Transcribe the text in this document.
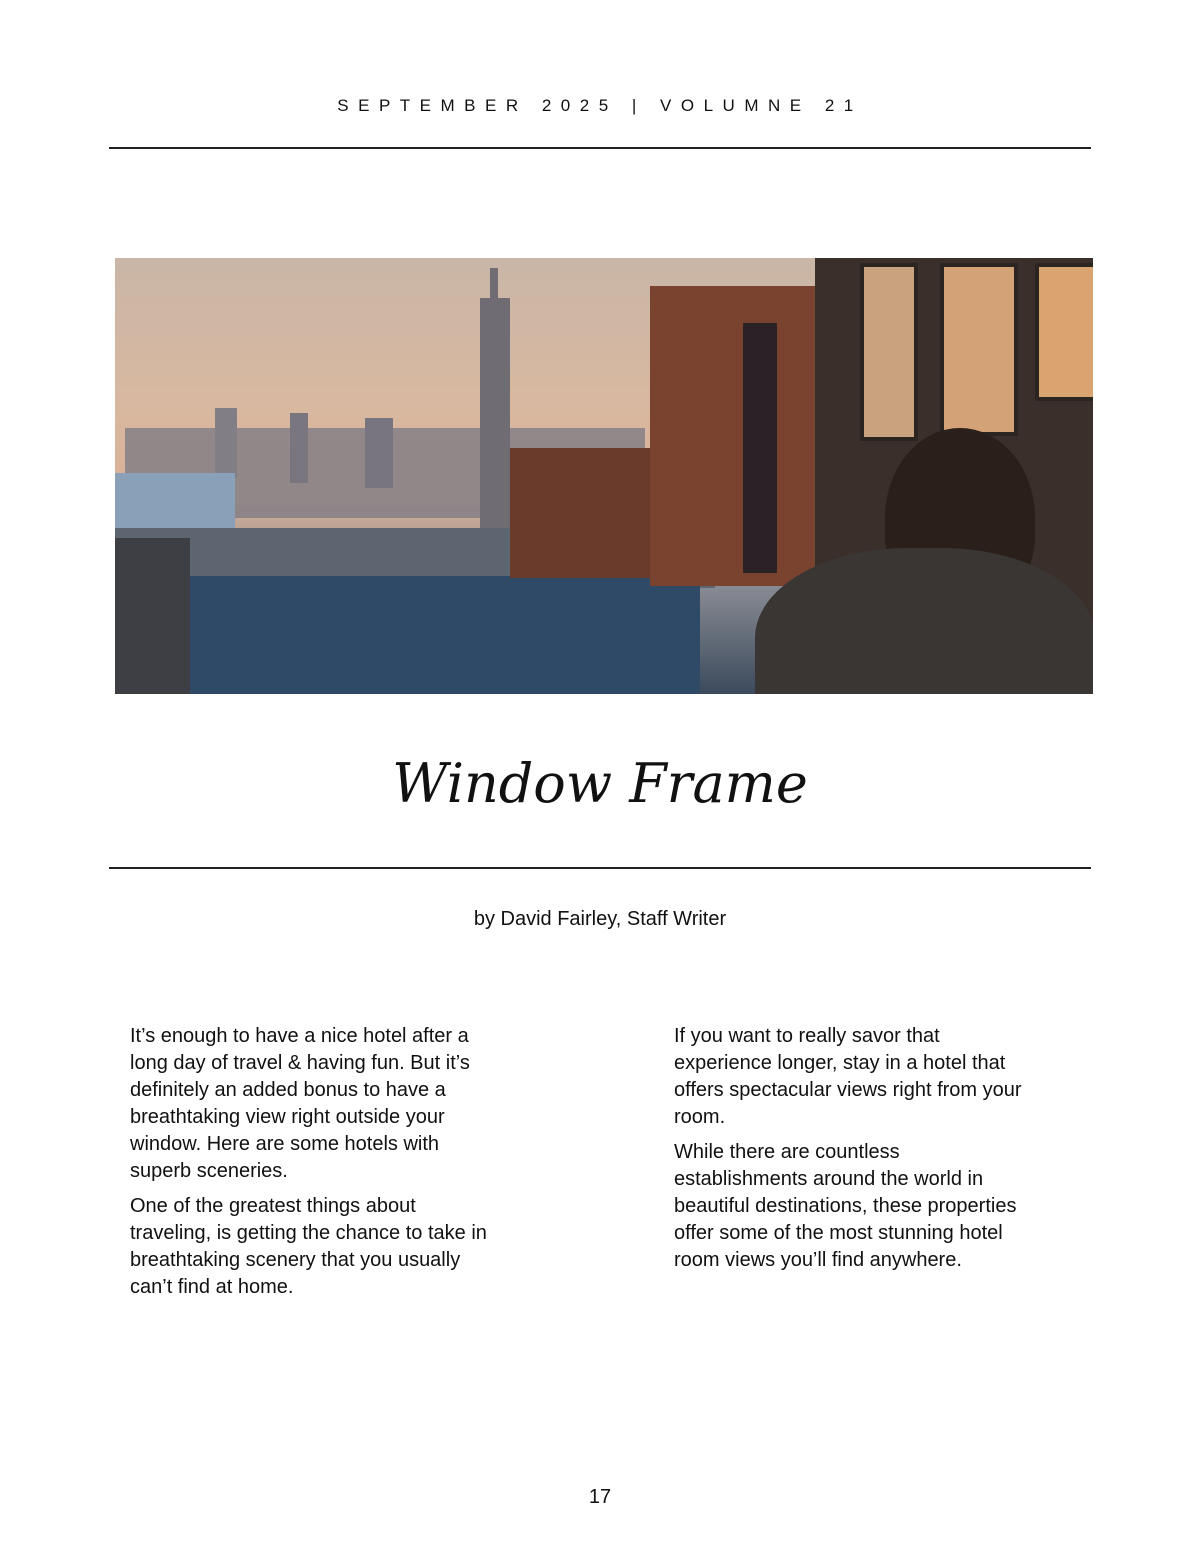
SEPTEMBER 2025 | VOLUMNE 21
Window Frame
by David Fairley, Staff Writer

It’s enough to have a nice hotel after a
long day of travel & having fun. But it’s
definitely an added bonus to have a
breathtaking view right outside your
window. Here are some hotels with
superb sceneries.

One of the greatest things about
traveling, is getting the chance to take in
breathtaking scenery that you usually
can’t find at home.

If you want to really savor that
experience longer, stay in a hotel that
offers spectacular views right from your
room.

While there are countless
establishments around the world in
beautiful destinations, these properties
offer some of the most stunning hotel
room views you’ll find anywhere.

17
